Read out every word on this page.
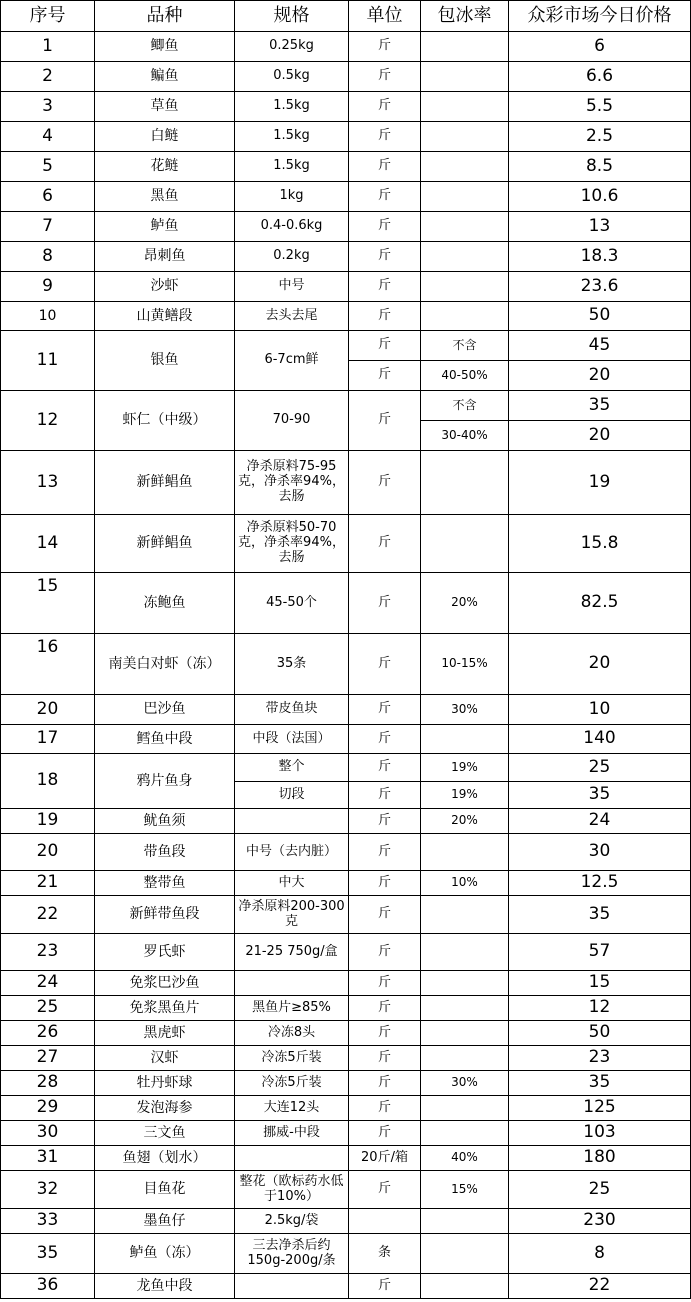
序号	品种	规格	单位	包冰率	众彩市场今日价格
1	鲫鱼	0.25kg	斤		6
2	鳊鱼	0.5kg	斤		6.6
3	草鱼	1.5kg	斤		5.5
4	白鲢	1.5kg	斤		2.5
5	花鲢	1.5kg	斤		8.5
6	黑鱼	1kg	斤		10.6
7	鲈鱼	0.4-0.6kg	斤		13
8	昂刺鱼	0.2kg	斤		18.3
9	沙虾	中号	斤		23.6
10	山黄鳝段	去头去尾	斤		50
11	银鱼	6-7cm鲜	斤	不含	45
			斤	40-50%	20
12	虾仁（中级）	70-90	斤	不含	35
				30-40%	20
13	新鲜鲳鱼	净杀原料75-95克，净杀率94%，去肠	斤		19
14	新鲜鲳鱼	净杀原料50-70克，净杀率94%，去肠	斤		15.8
15	冻鲍鱼	45-50个	斤	20%	82.5
16	南美白对虾（冻）	35条	斤	10-15%	20
20	巴沙鱼	带皮鱼块	斤	30%	10
17	鳕鱼中段	中段（法国）	斤		140
18	鸦片鱼身	整个	斤	19%	25
		切段	斤	19%	35
19	鱿鱼须		斤	20%	24
20	带鱼段	中号（去内脏）	斤		30
21	整带鱼	中大	斤	10%	12.5
22	新鲜带鱼段	净杀原料200-300克	斤		35
23	罗氏虾	21-25 750g/盒	斤		57
24	免浆巴沙鱼		斤		15
25	免浆黑鱼片	黑鱼片≥85%	斤		12
26	黑虎虾	冷冻8头	斤		50
27	汉虾	冷冻5斤装	斤		23
28	牡丹虾球	冷冻5斤装	斤	30%	35
29	发泡海参	大连12头	斤		125
30	三文鱼	挪威-中段	斤		103
31	鱼翅（划水）		20斤/箱	40%	180
32	目鱼花	整花（欧标药水低于10%）	斤	15%	25
33	墨鱼仔	2.5kg/袋			230
35	鲈鱼（冻）	三去净杀后约150g-200g/条	条		8
36	龙鱼中段		斤		22
